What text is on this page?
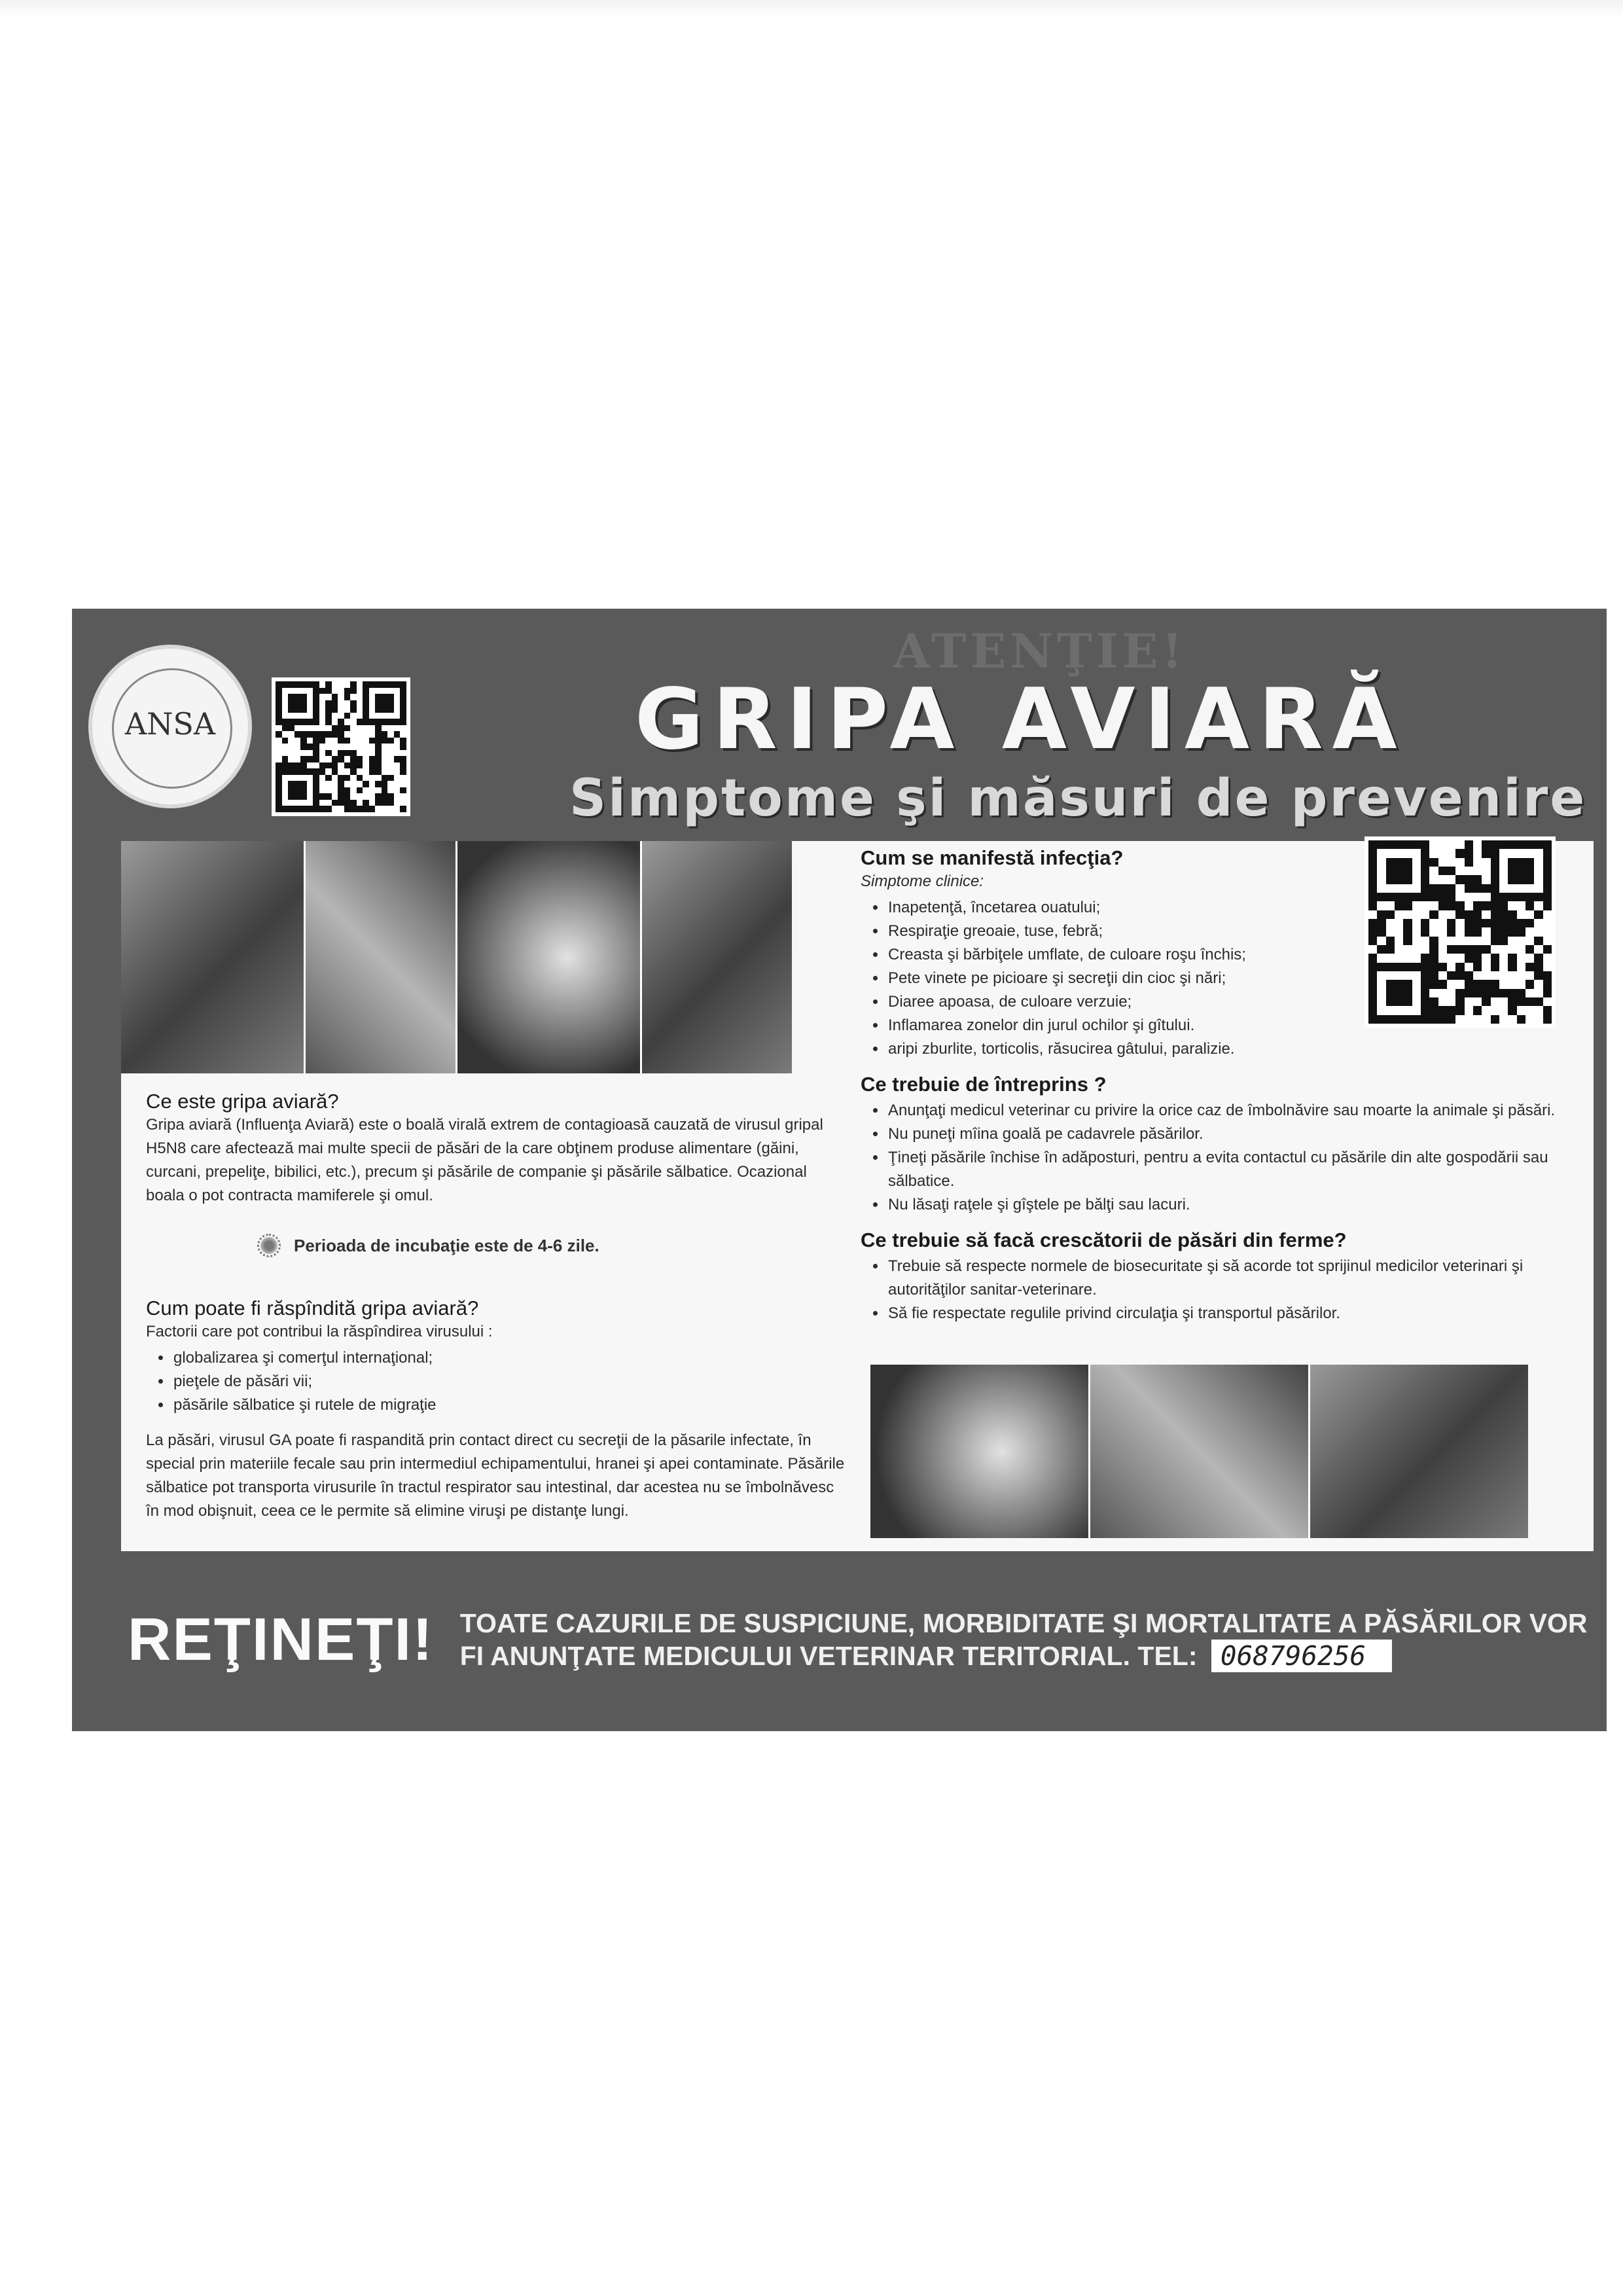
ATENŢIE!
ANSA	GRIPA AVIARĂ
Simptome şi măsuri de prevenire
Ce este gripa aviară?

Gripa aviară (Influenţa Aviară) este o boală virală extrem de contagioasă cauzată de virusul gripal H5N8 care afectează mai multe specii de păsări de la care obţinem produse alimentare (găini, curcani, prepeliţe, bibilici, etc.), precum şi păsările de companie şi păsările sălbatice. Ocazional boala o pot contracta mamiferele şi omul.

Perioada de incubaţie este de 4-6 zile.
Cum poate fi răspîndită gripa aviară?

Factorii care pot contribui la răspîndirea virusului :

• globalizarea şi comerţul internaţional;
• pieţele de păsări vii;
• păsările sălbatice şi rutele de migraţie

La păsări, virusul GA poate fi raspandită prin contact direct cu secreţii de la păsarile infectate, în special prin materiile fecale sau prin intermediul echipamentului, hranei şi apei contaminate. Păsările sălbatice pot transporta virusurile în tractul respirator sau intestinal, dar acestea nu se îmbolnăvesc în mod obişnuit, ceea ce le permite să elimine viruşi pe distanţe lungi.

Cum se manifestă infecţia?
Simptome clinice:
• Inapetenţă, încetarea ouatului;
• Respiraţie greoaie, tuse, febră;
• Creasta şi bărbiţele umflate, de culoare roşu închis;
• Pete vinete pe picioare şi secreţii din cioc şi nări;
• Diaree apoasa, de culoare verzuie;
• Inflamarea zonelor din jurul ochilor şi gîtului.
• aripi zburlite, torticolis, răsucirea gâtului, paralizie.
Ce trebuie de întreprins ?
• Anunţaţi medicul veterinar cu privire la orice caz de îmbolnăvire sau moarte la animale şi păsări.
• Nu puneţi mîina goală pe cadavrele păsărilor.
• Ţineţi păsările închise în adăposturi, pentru a evita contactul cu păsările din alte gospodării sau sălbatice.
• Nu lăsaţi raţele şi gîştele pe bălţi sau lacuri.
Ce trebuie să facă crescătorii de păsări din ferme?
• Trebuie să respecte normele de biosecuritate şi să acorde tot sprijinul medicilor veterinari şi autorităţilor sanitar-veterinare.
• Să fie respectate regulile privind circulaţia şi transportul păsărilor.
REŢINEŢI! TOATE CAZURILE DE SUSPICIUNE, MORBIDITATE ŞI MORTALITATE A PĂSĂRILOR VOR
FI ANUNŢATE MEDICULUI VETERINAR TERITORIAL. TEL: 068796256
